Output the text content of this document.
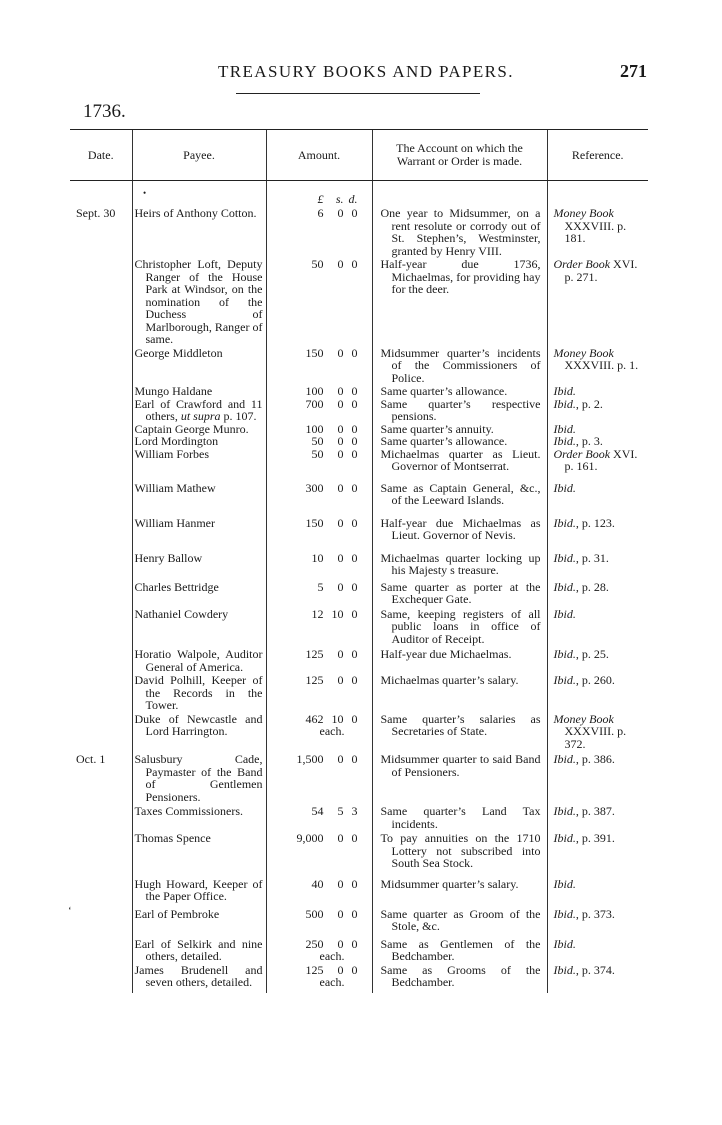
TREASURY BOOKS AND PAPERS.	271
1736.
•
‘
Date.	Payee.	Amount.	The Account on which the Warrant or Order is made.	Reference.

		£ s. d.		

Sept. 30	Heirs of Anthony Cotton.	6 0 0	One year to Midsummer, on a rent resolute or corrody out of St. Stephen’s, Westminster, granted by Henry VIII.	Money Book XXXVIII. p. 181.

	Christopher Loft, Deputy Ranger of the House Park at Windsor, on the nomination of the Duchess of Marlborough, Ranger of same.	50 0 0	Half-year due 1736, Michaelmas, for providing hay for the deer.	Order Book XVI. p. 271.

	George Middleton	150 0 0	Midsummer quarter’s incidents of the Commissioners of Police.	Money Book XXXVIII. p. 1.

	Mungo Haldane	100 0 0	Same quarter’s allowance.	Ibid.

	Earl of Crawford and 11 others, ut supra p. 107.	700 0 0	Same quarter’s respective pensions.	Ibid., p. 2.

	Captain George Munro.	100 0 0	Same quarter’s annuity.	Ibid.

	Lord Mordington	50 0 0	Same quarter’s allowance.	Ibid., p. 3.

	William Forbes	50 0 0	Michaelmas quarter as Lieut. Governor of Montserrat.	Order Book XVI. p. 161.

	William Mathew	300 0 0	Same as Captain General, &c., of the Leeward Islands.	Ibid.

	William Hanmer	150 0 0	Half-year due Michaelmas as Lieut. Governor of Nevis.	Ibid., p. 123.

	Henry Ballow	10 0 0	Michaelmas quarter locking up his Majesty s treasure.	Ibid., p. 31.

	Charles Bettridge	5 0 0	Same quarter as porter at the Exchequer Gate.	Ibid., p. 28.

	Nathaniel Cowdery	12 10 0	Same, keeping registers of all public loans in office of Auditor of Receipt.	Ibid.

	Horatio Walpole, Auditor General of America.	125 0 0	Half-year due Michaelmas.	Ibid., p. 25.

	David Polhill, Keeper of the Records in the Tower.	125 0 0	Michaelmas quarter’s salary.	Ibid., p. 260.

	Duke of Newcastle and Lord Harrington.	462 10 0
each.	Same quarter’s salaries as Secretaries of State.	Money Book XXXVIII. p. 372.

Oct. 1	Salusbury Cade, Paymaster of the Band of Gentlemen Pensioners.	1,500 0 0	Midsummer quarter to said Band of Pensioners.	Ibid., p. 386.

	Taxes Commissioners.	54 5 3	Same quarter’s Land Tax incidents.	Ibid., p. 387.

	Thomas Spence	9,000 0 0	To pay annuities on the 1710 Lottery not subscribed into South Sea Stock.	Ibid., p. 391.

	Hugh Howard, Keeper of the Paper Office.	40 0 0	Midsummer quarter’s salary.	Ibid.

	Earl of Pembroke	500 0 0	Same quarter as Groom of the Stole, &c.	Ibid., p. 373.

	Earl of Selkirk and nine others, detailed.	250 0 0
each.	Same as Gentlemen of the Bedchamber.	Ibid.

	James Brudenell and seven others, detailed.	125 0 0
each.	Same as Grooms of the Bedchamber.	Ibid., p. 374.
